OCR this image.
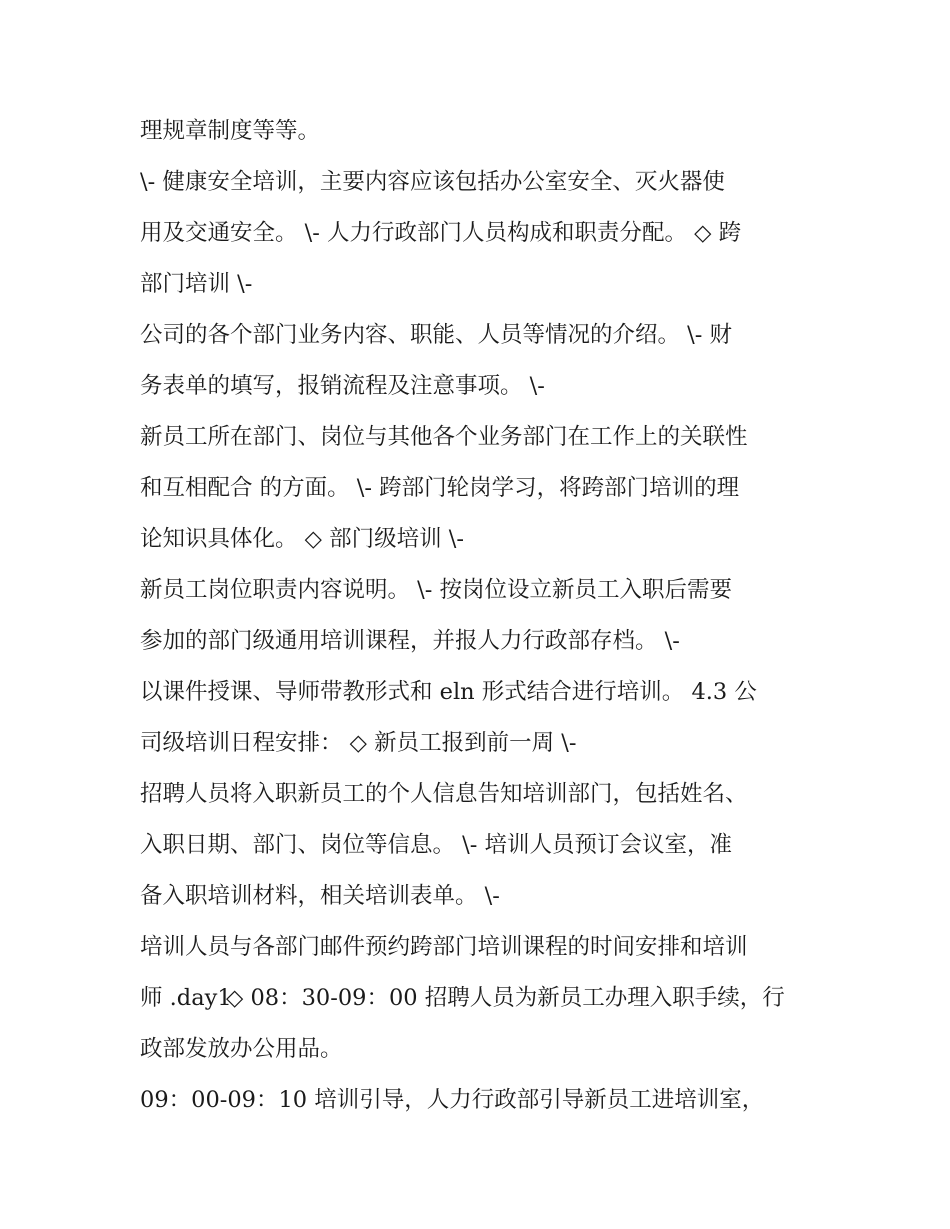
理规章制度等等。
\- 健康安全培训，主要内容应该包括办公室安全、灭火器使
用及交通安全。 \- 人力行政部门人员构成和职责分配。 ◇ 跨
部门培训 \-
公司的各个部门业务内容、职能、人员等情况的介绍。 \- 财
务表单的填写，报销流程及注意事项。 \-
新员工所在部门、岗位与其他各个业务部门在工作上的关联性
和互相配合 的方面。 \- 跨部门轮岗学习，将跨部门培训的理
论知识具体化。 ◇ 部门级培训 \-
新员工岗位职责内容说明。 \- 按岗位设立新员工入职后需要
参加的部门级通用培训课程，并报人力行政部存档。 \-
以课件授课、导师带教形式和 eln 形式结合进行培训。 4.3 公
司级培训日程安排： ◇ 新员工报到前一周 \-
招聘人员将入职新员工的个人信息告知培训部门，包括姓名、
入职日期、部门、岗位等信息。 \- 培训人员预订会议室，准
备入职培训材料，相关培训表单。 \-
培训人员与各部门邮件预约跨部门培训课程的时间安排和培训
师 .day1
◇ 08：30-09：00 招聘人员为新员工办理入职手续，行
政部发放办公用品。
09：00-09：10 培训引导，人力行政部引导新员工进培训室，
